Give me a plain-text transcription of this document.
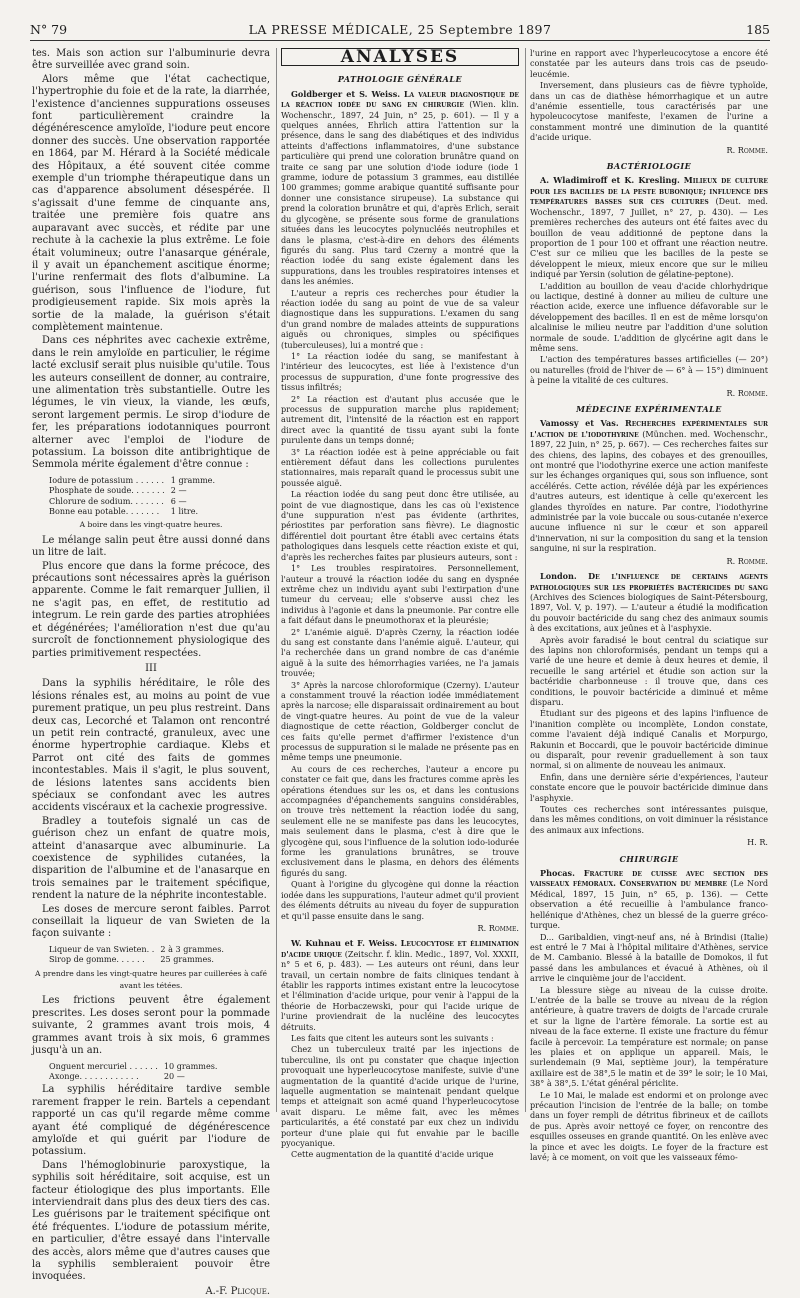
N° 79	LA PRESSE MÉDICALE, 25 Septembre 1897	185

tes. Mais son action sur l'albuminurie devra être surveillée avec grand soin.

Alors même que l'état cachectique, l'hypertrophie du foie et de la rate, la diarrhée, l'existence d'anciennes suppurations osseuses font particulièrement craindre la dégénérescence amyloïde, l'iodure peut encore donner des succès. Une observation rapportée en 1864, par M. Hérard à la Société médicale des Hôpitaux, a été souvent citée comme exemple d'un triomphe thérapeutique dans un cas d'apparence absolument désespérée. Il s'agissait d'une femme de cinquante ans, traitée une première fois quatre ans auparavant avec succès, et rédite par une rechute à la cachexie la plus extrême. Le foie était volumineux; outre l'anasarque générale, il y avait un épanchement ascitique énorme; l'urine renfermait des flots d'albumine. La guérison, sous l'influence de l'iodure, fut prodigieusement rapide. Six mois après la sortie de la malade, la guérison s'était complètement maintenue.

Dans ces néphrites avec cachexie extrême, dans le rein amyloïde en particulier, le régime lacté exclusif serait plus nuisible qu'utile. Tous les auteurs conseillent de donner, au contraire, une alimentation très substantielle. Outre les légumes, le vin vieux, la viande, les œufs, seront largement permis. Le sirop d'iodure de fer, les préparations iodotanniques pourront alterner avec l'emploi de l'iodure de potassium. La boisson dite antibrightique de Semmola mérite également d'être connue :

Iodure de potassium . . . . . .	1 gramme.
Phosphate de soude. . . . . . .	2 —
Chlorure de sodium. . . . . . .	6 —
Bonne eau potable. . . . . . .	1 litre.
A boire dans les vingt-quatre heures.

Le mélange salin peut être aussi donné dans un litre de lait.

Plus encore que dans la forme précoce, des précautions sont nécessaires après la guérison apparente. Comme le fait remarquer Jullien, il ne s'agit pas, en effet, de restitutio ad integrum. Le rein garde des parties atrophiées et dégénérées; l'amélioration n'est due qu'au surcroît de fonctionnement physiologique des parties primitivement respectées.

III

Dans la syphilis héréditaire, le rôle des lésions rénales est, au moins au point de vue purement pratique, un peu plus restreint. Dans deux cas, Lecorché et Talamon ont rencontré un petit rein contracté, granuleux, avec une énorme hypertrophie cardiaque. Klebs et Parrot ont cité des faits de gommes incontestables. Mais il s'agit, le plus souvent, de lésions latentes sans accidents bien spéciaux se confondant avec les autres accidents viscéraux et la cachexie progressive.

Bradley a toutefois signalé un cas de guérison chez un enfant de quatre mois, atteint d'anasarque avec albuminurie. La coexistence de syphilides cutanées, la disparition de l'albumine et de l'anasarque en trois semaines par le traitement spécifique, rendent la nature de la néphrite incontestable.

Les doses de mercure seront faibles. Parrot conseillait la liqueur de van Swieten de la façon suivante :

Liqueur de van Swieten. .	2 à 3 grammes.
Sirop de gomme. . . . . .	25 grammes.
A prendre dans les vingt-quatre heures par cuillerées à café avant les tétées.

Les frictions peuvent être également prescrites. Les doses seront pour la pommade suivante, 2 grammes avant trois mois, 4 grammes avant trois à six mois, 6 grammes jusqu'à un an.

Onguent mercuriel . . . . . .	10 grammes.
Axonge. . . . . . . . . . . .	20 —

La syphilis héréditaire tardive semble rarement frapper le rein. Bartels a cependant rapporté un cas qu'il regarde même comme ayant été compliqué de dégénérescence amyloïde et qui guérit par l'iodure de potassium.

Dans l'hémoglobinurie paroxystique, la syphilis soit héréditaire, soit acquise, est un facteur étiologique des plus importants. Elle interviendrait dans plus des deux tiers des cas. Les guérisons par le traitement spécifique ont été fréquentes. L'iodure de potassium mérite, en particulier, d'être essayé dans l'intervalle des accès, alors même que d'autres causes que la syphilis sembleraient pouvoir être invoquées.

A.-F. Plicque.
ANALYSES
PATHOLOGIE GÉNÉRALE

Goldberger et S. Weiss. La valeur diagnostique de la réaction iodée du sang en chirurgie (Wien. klin. Wochenschr., 1897, 24 Juin, n° 25, p. 601). — Il y a quelques années, Ehrlich attira l'attention sur la présence, dans le sang des diabétiques et des individus atteints d'affections inflammatoires, d'une substance particulière qui prend une coloration brunâtre quand on traite ce sang par une solution d'iode iodure (iode 1 gramme, iodure de potassium 3 grammes, eau distillée 100 grammes; gomme arabique quantité suffisante pour donner une consistance sirupeuse). La substance qui prend la coloration brunâtre et qui, d'après Erlich, serait du glycogène, se présente sous forme de granulations situées dans les leucocytes polynucléés neutrophiles et dans le plasma, c'est-à-dire en dehors des éléments figurés du sang. Plus tard Czerny a montré que la réaction iodée du sang existe également dans les suppurations, dans les troubles respiratoires intenses et dans les anémies.

L'auteur a repris ces recherches pour étudier la réaction iodée du sang au point de vue de sa valeur diagnostique dans les suppurations. L'examen du sang d'un grand nombre de malades atteints de suppurations aiguës ou chroniques, simples ou spécifiques (tuberculeuses), lui a montré que :

1° La réaction iodée du sang, se manifestant à l'intérieur des leucocytes, est liée à l'existence d'un processus de suppuration, d'une fonte progressive des tissus infiltrés;

2° La réaction est d'autant plus accusée que le processus de suppuration marche plus rapidement; autrement dit, l'intensité de la réaction est en rapport direct avec la quantité de tissu ayant subi la fonte purulente dans un temps donné;

3° La réaction iodée est à peine appréciable ou fait entièrement défaut dans les collections purulentes stationnaires, mais reparaît quand le processus subit une poussée aiguë.

La réaction iodée du sang peut donc être utilisée, au point de vue diagnostique, dans les cas où l'existence d'une suppuration n'est pas évidente (arthrites, périostites par perforation sans fièvre). Le diagnostic différentiel doit pourtant être établi avec certains états pathologiques dans lesquels cette réaction existe et qui, d'après les recherches faites par plusieurs auteurs, sont :

1° Les troubles respiratoires. Personnellement, l'auteur a trouvé la réaction iodée du sang en dyspnée extrême chez un individu ayant subi l'extirpation d'une tumeur du cerveau; elle s'observe aussi chez les individus à l'agonie et dans la pneumonie. Par contre elle a fait défaut dans le pneumothorax et la pleurésie;

2° L'anémie aiguë. D'après Czerny, la réaction iodée du sang est constante dans l'anémie aiguë. L'auteur, qui l'a recherchée dans un grand nombre de cas d'anémie aiguë à la suite des hémorrhagies variées, ne l'a jamais trouvée;

3° Après la narcose chloroformique (Czerny). L'auteur a constamment trouvé la réaction iodée immédiatement après la narcose; elle disparaissait ordinairement au bout de vingt-quatre heures. Au point de vue de la valeur diagnostique de cette réaction, Goldberger conclut de ces faits qu'elle permet d'affirmer l'existence d'un processus de suppuration si le malade ne présente pas en même temps une pneumonie.

Au cours de ces recherches, l'auteur a encore pu constater ce fait que, dans les fractures comme après les opérations étendues sur les os, et dans les contusions accompagnées d'épanchements sanguins considérables, on trouve très nettement la réaction iodée du sang, seulement elle ne se manifeste pas dans les leucocytes, mais seulement dans le plasma, c'est à dire que le glycogène qui, sous l'influence de la solution iodo-iodurée forme les granulations brunâtres, se trouve exclusivement dans le plasma, en dehors des éléments figurés du sang.

Quant à l'origine du glycogène qui donne la réaction iodée dans les suppurations, l'auteur admet qu'il provient des éléments détruits au niveau du foyer de suppuration et qu'il passe ensuite dans le sang.

R. Romme.

W. Kuhnau et F. Weiss. Leucocytose et élimination d'acide urique (Zeitschr. f. klin. Medic., 1897, Vol. XXXII, n° 5 et 6, p. 483). — Les auteurs ont réuni, dans leur travail, un certain nombre de faits cliniques tendant à établir les rapports intimes existant entre la leucocytose et l'élimination d'acide urique, pour venir à l'appui de la théorie de Horbaczewski, pour qui l'acide urique de l'urine proviendrait de la nucléine des leucocytes détruits.

Les faits que citent les auteurs sont les suivants :

Chez un tuberculeux traité par les injections de tuberculine, ils ont pu constater que chaque injection provoquait une hyperleucocytose manifeste, suivie d'une augmentation de la quantité d'acide urique de l'urine, laquelle augmentation se maintenait pendant quelque temps et atteignait son acmé quand l'hyperleucocytose avait disparu. Le même fait, avec les mêmes particularités, a été constaté par eux chez un individu porteur d'une plaie qui fut envahie par le bacille pyocyanique.

Cette augmentation de la quantité d'acide urique

l'urine en rapport avec l'hyperleucocytose a encore été constatée par les auteurs dans trois cas de pseudo-leucémie.

Inversement, dans plusieurs cas de fièvre typhoïde, dans un cas de diathèse hémorrhagique et un autre d'anémie essentielle, tous caractérisés par une hypoleucocytose manifeste, l'examen de l'urine a constamment montré une diminution de la quantité d'acide urique.

R. Romme.
BACTÉRIOLOGIE

A. Wladimiroff et K. Kresling. Milieux de culture pour les bacilles de la peste bubonique; influence des températures basses sur ces cultures (Deut. med. Wochenschr., 1897, 7 Juillet, n° 27, p. 430). — Les premières recherches des auteurs ont été faites avec du bouillon de veau additionné de peptone dans la proportion de 1 pour 100 et offrant une réaction neutre. C'est sur ce milieu que les bacilles de la peste se développent le mieux, mieux encore que sur le milieu indiqué par Yersin (solution de gélatine-peptone).

L'addition au bouillon de veau d'acide chlorhydrique ou lactique, destiné à donner au milieu de culture une réaction acide, exerce une influence défavorable sur le développement des bacilles. Il en est de même lorsqu'on alcalinise le milieu neutre par l'addition d'une solution normale de soude. L'addition de glycérine agit dans le même sens.

L'action des températures basses artificielles (— 20°) ou naturelles (froid de l'hiver de — 6° à — 15°) diminuent à peine la vitalité de ces cultures.

R. Romme.
MÉDECINE EXPÉRIMENTALE

Vamossy et Vas. Recherches expérimentales sur l'action de l'iodothyrine (München. med. Wochenschr., 1897, 22 Juin, n° 25, p. 667). — Ces recherches faites sur des chiens, des lapins, des cobayes et des grenouilles, ont montré que l'iodothyrine exerce une action manifeste sur les échanges organiques qui, sous son influence, sont accélérés. Cette action, révélée déjà par les expériences d'autres auteurs, est identique à celle qu'exercent les glandes thyroïdes en nature. Par contre, l'iodothyrine administrée par la voie buccale ou sous-cutanée n'exerce aucune influence ni sur le cœur et son appareil d'innervation, ni sur la composition du sang et la tension sanguine, ni sur la respiration.

R. Romme.

London. De l'influence de certains agents pathologiques sur les propriétés bactéricides du sang (Archives des Sciences biologiques de Saint-Pétersbourg, 1897, Vol. V, p. 197). — L'auteur a étudié la modification du pouvoir bactéricide du sang chez des animaux soumis à des excitations, aux jeûnes et à l'asphyxie.

Après avoir faradisé le bout central du sciatique sur des lapins non chloroformisés, pendant un temps qui a varié de une heure et demie à deux heures et demie, il recueille le sang artériel et étudie son action sur la bactéridie charbonneuse : il trouve que, dans ces conditions, le pouvoir bactéricide a diminué et même disparu.

Étudiant sur des pigeons et des lapins l'influence de l'inanition complète ou incomplète, London constate, comme l'avaient déjà indiqué Canalis et Morpurgo, Rakunin et Boccardi, que le pouvoir bactéricide diminue ou disparaît, pour revenir graduellement à son taux normal, si on alimente de nouveau les animaux.

Enfin, dans une dernière série d'expériences, l'auteur constate encore que le pouvoir bactéricide diminue dans l'asphyxie.

Toutes ces recherches sont intéressantes puisque, dans les mêmes conditions, on voit diminuer la résistance des animaux aux infections.

H. R.
CHIRURGIE

Phocas. Fracture de cuisse avec section des vaisseaux fémoraux. Conservation du membre (Le Nord Médical, 1897, 15 Juin, n° 65, p. 136). — Cette observation a été recueillie à l'ambulance franco-hellénique d'Athènes, chez un blessé de la guerre gréco-turque.

D... Garibaldien, vingt-neuf ans, né à Brindisi (Italie) est entré le 7 Mai à l'hôpital militaire d'Athènes, service de M. Cambanio. Blessé à la bataille de Domokos, il fut passé dans les ambulances et évacué à Athènes, où il arrive le cinquième jour de l'accident.

La blessure siège au niveau de la cuisse droite. L'entrée de la balle se trouve au niveau de la région antérieure, à quatre travers de doigts de l'arcade crurale et sur la ligne de l'artère fémorale. La sortie est au niveau de la face externe. Il existe une fracture du fémur facile à percevoir. La température est normale; on panse les plaies et on applique un appareil. Mais, le surlendemain (9 Mai, septième jour), la température axillaire est de 38°,5 le matin et de 39° le soir; le 10 Mai, 38° à 38°,5. L'état général périclite.

Le 10 Mai, le malade est endormi et on prolonge avec précaution l'incision de l'entrée de la balle; on tombe dans un foyer rempli de détritus fibrineux et de caillots de pus. Après avoir nettoyé ce foyer, on rencontre des esquilles osseuses en grande quantité. On les enlève avec la pince et avec les doigts. Le foyer de la fracture est lavé; à ce moment, on voit que les vaisseaux fémo-
